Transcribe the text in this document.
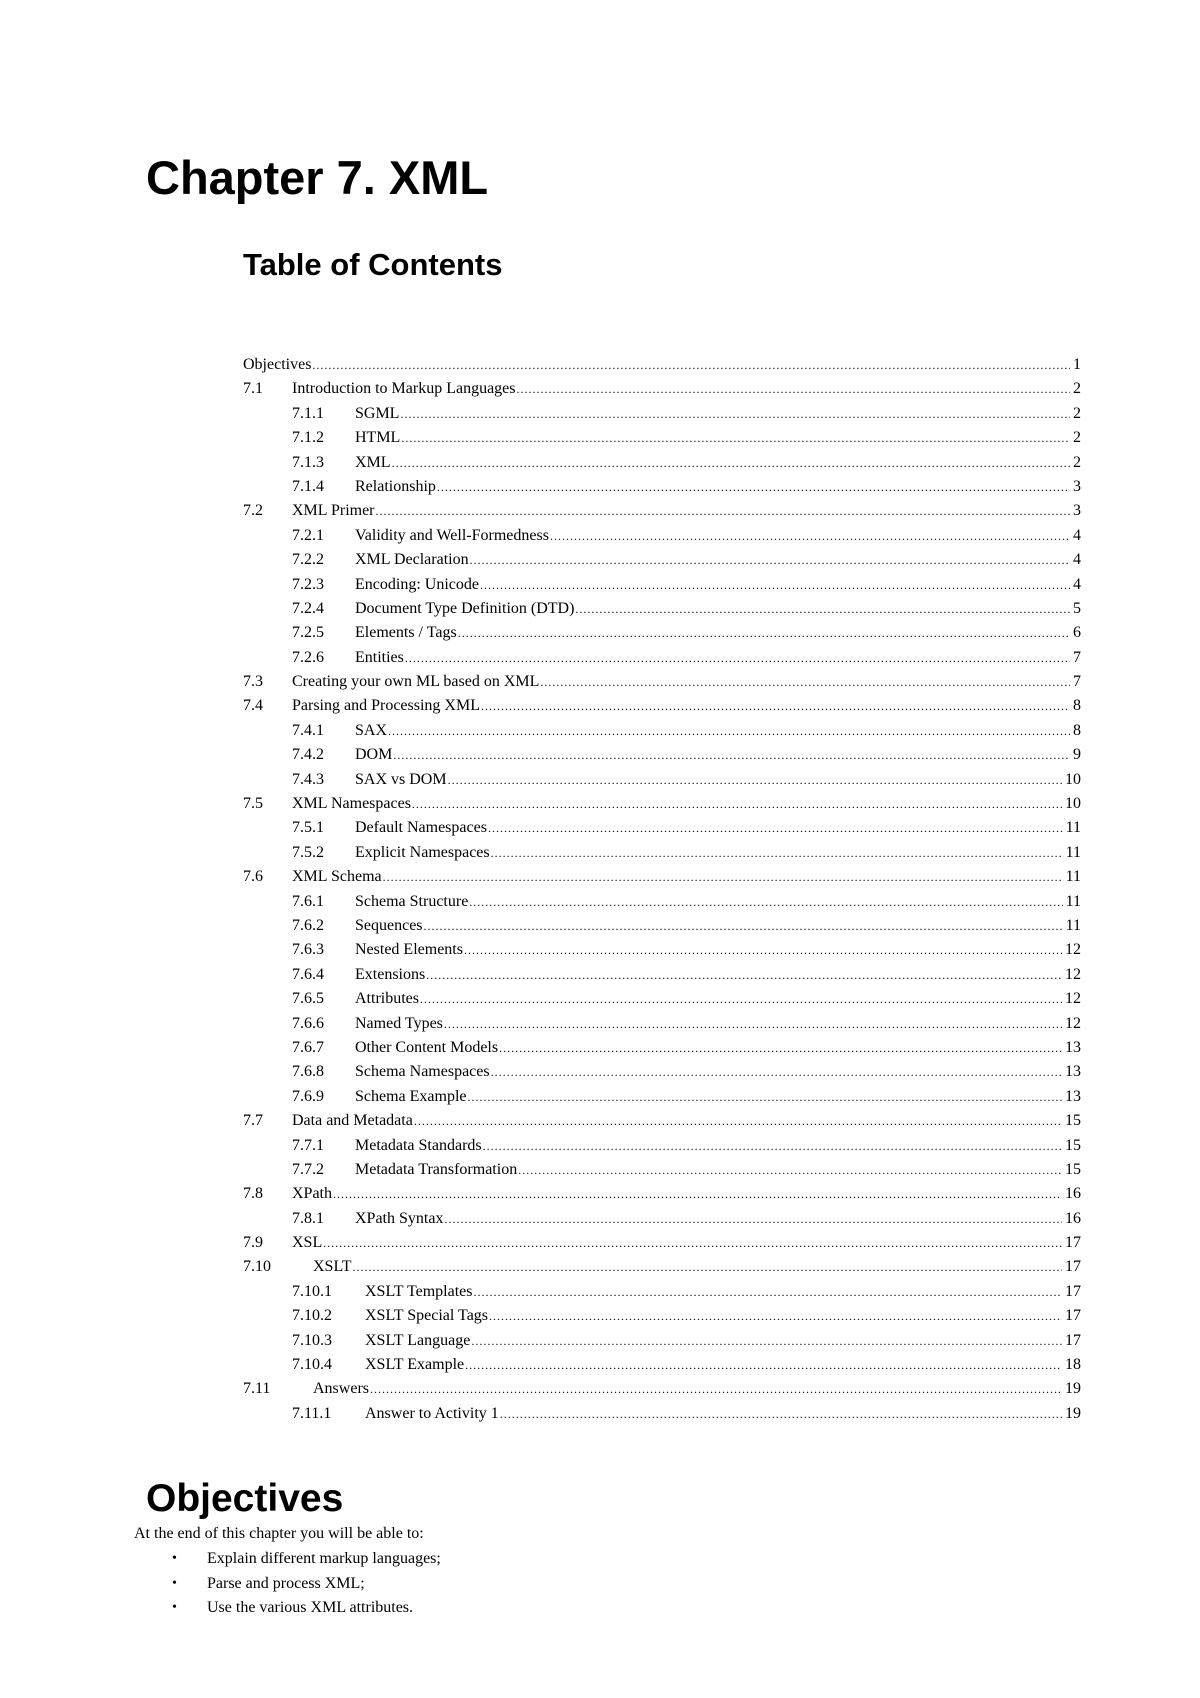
Chapter 7. XML
Table of Contents
Objectives .....	1
7.1	Introduction to Markup Languages .....	2
7.1.1	SGML .....	2
7.1.2	HTML .....	2
7.1.3	XML .....	2
7.1.4	Relationship .....	3
7.2	XML Primer .....	3
7.2.1	Validity and Well-Formedness .....	4
7.2.2	XML Declaration .....	4
7.2.3	Encoding: Unicode .....	4
7.2.4	Document Type Definition (DTD) .....	5
7.2.5	Elements / Tags .....	6
7.2.6	Entities .....	7
7.3	Creating your own ML based on XML .....	7
7.4	Parsing and Processing XML .....	8
7.4.1	SAX .....	8
7.4.2	DOM .....	9
7.4.3	SAX vs DOM .....	10
7.5	XML Namespaces .....	10
7.5.1	Default Namespaces .....	11
7.5.2	Explicit Namespaces .....	11
7.6	XML Schema .....	11
7.6.1	Schema Structure .....	11
7.6.2	Sequences .....	11
7.6.3	Nested Elements .....	12
7.6.4	Extensions .....	12
7.6.5	Attributes .....	12
7.6.6	Named Types .....	12
7.6.7	Other Content Models .....	13
7.6.8	Schema Namespaces .....	13
7.6.9	Schema Example .....	13
7.7	Data and Metadata .....	15
7.7.1	Metadata Standards .....	15
7.7.2	Metadata Transformation .....	15
7.8	XPath .....	16
7.8.1	XPath Syntax .....	16
7.9	XSL .....	17
7.10	XSLT .....	17
7.10.1	XSLT Templates .....	17
7.10.2	XSLT Special Tags .....	17
7.10.3	XSLT Language .....	17
7.10.4	XSLT Example .....	18
7.11	Answers .....	19
7.11.1	Answer to Activity 1 .....	19
Objectives

At the end of this chapter you will be able to:

• Explain different markup languages;
• Parse and process XML;
• Use the various XML attributes.
